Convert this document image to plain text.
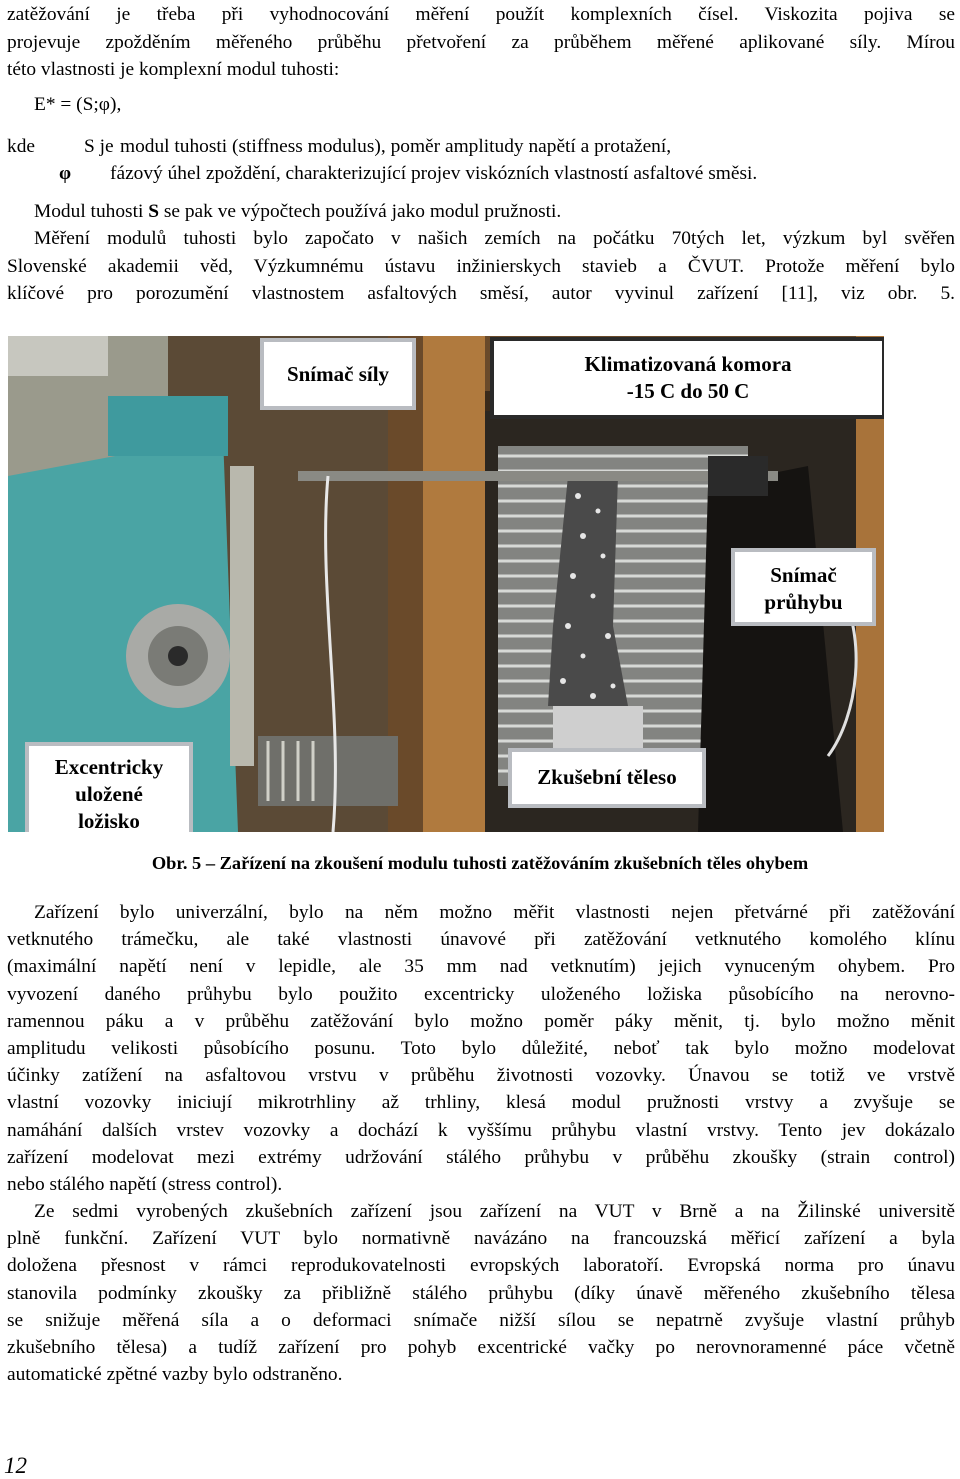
zatěžování je třeba při vyhodnocování měření použít komplexních čísel. Viskozita pojiva se
projevuje zpožděním měřeného průběhu přetvoření za průběhem měřené aplikované síly. Mírou
této vlastnosti je komplexní modul tuhosti:
E* = (S;φ),
kde	S je modul tuhosti (stiffness modulus), poměr amplitudy napětí a protažení,
φ fázový úhel zpoždění, charakterizující projev viskózních vlastností asfaltové směsi.
Modul tuhosti S se pak ve výpočtech používá jako modul pružnosti.
Měření modulů tuhosti bylo započato v našich zemích na počátku 70tých let, výzkum byl svěřen
Slovenské akademii věd, Výzkumnému ústavu inžinierskych stavieb a ČVUT. Protože měření bylo
klíčové pro porozumění vlastnostem asfaltových směsí, autor vyvinul zařízení [11], viz obr. 5.
Snímač síly	Klimatizovaná komora
-15 C do 50 C
Snímač
průhybu
Excentricky
uložené
ložisko
Zkušební těleso
Obr. 5 – Zařízení na zkoušení modulu tuhosti zatěžováním zkušebních těles ohybem
Zařízení bylo univerzální, bylo na něm možno měřit vlastnosti nejen přetvárné při zatěžování
vetknutého trámečku, ale také vlastnosti únavové při zatěžování vetknutého komolého klínu
(maximální napětí není v lepidle, ale 35 mm nad vetknutím) jejich vynuceným ohybem. Pro
vyvození daného průhybu bylo použito excentricky uloženého ložiska působícího na nerovno-
ramennou páku a v průběhu zatěžování bylo možno poměr páky měnit, tj. bylo možno měnit
amplitudu velikosti působícího posunu. Toto bylo důležité, neboť tak bylo možno modelovat
účinky zatížení na asfaltovou vrstvu v průběhu životnosti vozovky. Únavou se totiž ve vrstvě
vlastní vozovky iniciují mikrotrhliny až trhliny, klesá modul pružnosti vrstvy a zvyšuje se
namáhání dalších vrstev vozovky a dochází k vyššímu průhybu vlastní vrstvy. Tento jev dokázalo
zařízení modelovat mezi extrémy udržování stálého průhybu v průběhu zkoušky (strain control)
nebo stálého napětí (stress control).
Ze sedmi vyrobených zkušebních zařízení jsou zařízení na VUT v Brně a na Žilinské universitě
plně funkční. Zařízení VUT bylo normativně navázáno na francouzská měřicí zařízení a byla
doložena přesnost v rámci reprodukovatelnosti evropských laboratoří. Evropská norma pro únavu
stanovila podmínky zkoušky za přibližně stálého průhybu (díky únavě měřeného zkušebního tělesa
se snižuje měřená síla a o deformaci snímače nižší sílou se nepatrně zvyšuje vlastní průhyb
zkušebního tělesa) a tudíž zařízení pro pohyb excentrické vačky po nerovnoramenné páce včetně
automatické zpětné vazby bylo odstraněno.
12
